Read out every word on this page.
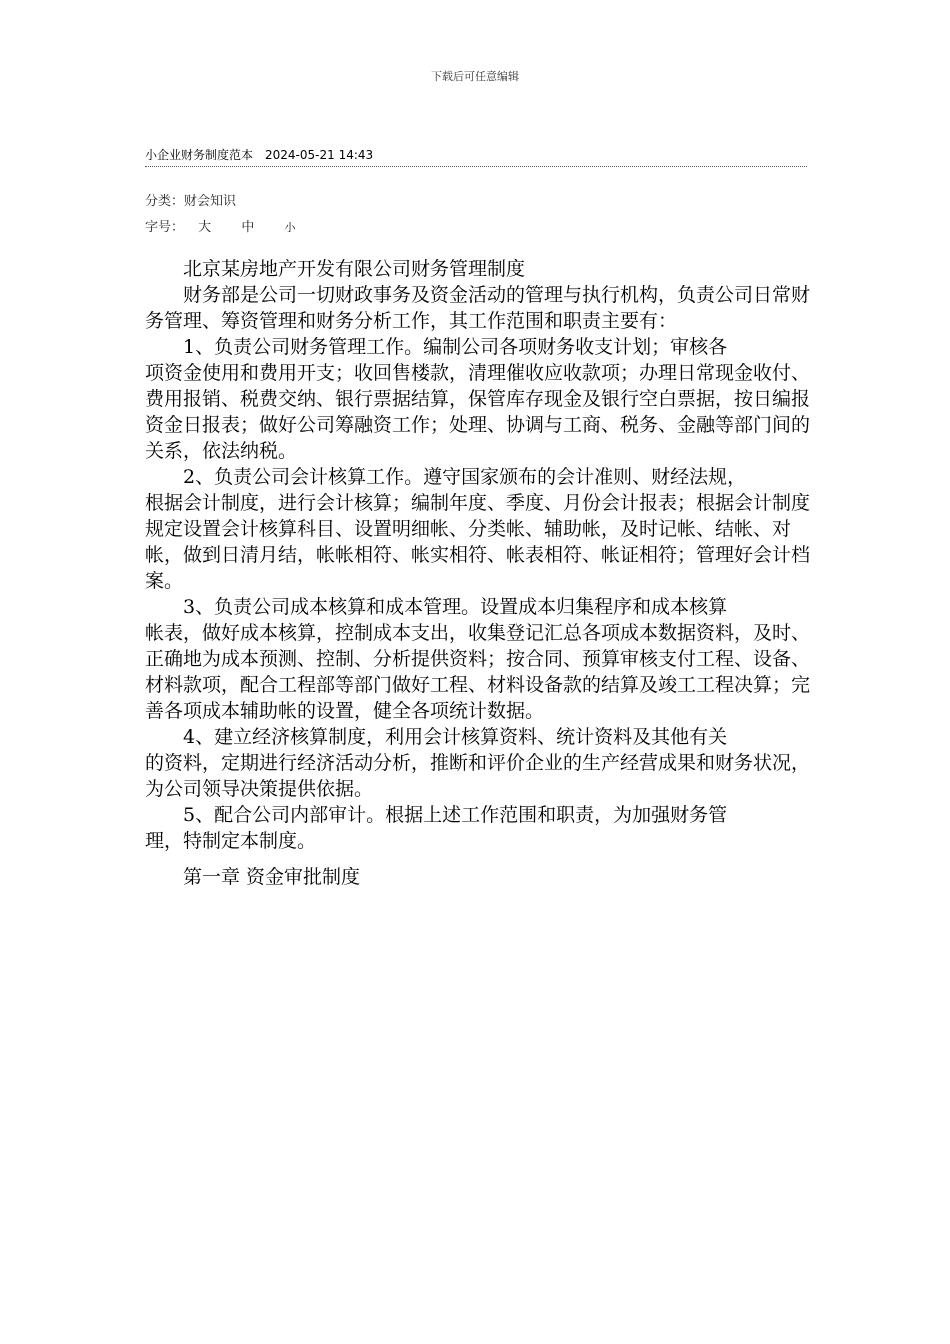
下载后可任意编辑
小企业财务制度范本 2024-05-21 14:43
分类：财会知识
字号： 大 中	小

北京某房地产开发有限公司财务管理制度

财务部是公司一切财政事务及资金活动的管理与执行机构，负责公司日常财务管理、筹资管理和财务分析工作，其工作范围和职责主要有：

1、负责公司财务管理工作。编制公司各项财务收支计划；审核各

项资金使用和费用开支；收回售楼款，清理催收应收款项；办理日常现金收付、费用报销、税费交纳、银行票据结算，保管库存现金及银行空白票据，按日编报资金日报表；做好公司筹融资工作；处理、协调与工商、税务、金融等部门间的关系，依法纳税。

2、负责公司会计核算工作。遵守国家颁布的会计准则、财经法规，

根据会计制度，进行会计核算；编制年度、季度、月份会计报表；根据会计制度规定设置会计核算科目、设置明细帐、分类帐、辅助帐，及时记帐、结帐、对帐，做到日清月结，帐帐相符、帐实相符、帐表相符、帐证相符；管理好会计档案。

3、负责公司成本核算和成本管理。设置成本归集程序和成本核算

帐表，做好成本核算，控制成本支出，收集登记汇总各项成本数据资料，及时、正确地为成本预测、控制、分析提供资料；按合同、预算审核支付工程、设备、材料款项，配合工程部等部门做好工程、材料设备款的结算及竣工工程决算；完善各项成本辅助帐的设置，健全各项统计数据。

4、建立经济核算制度，利用会计核算资料、统计资料及其他有关

的资料，定期进行经济活动分析，推断和评价企业的生产经营成果和财务状况，为公司领导决策提供依据。

5、配合公司内部审计。根据上述工作范围和职责，为加强财务管

理，特制定本制度。

第一章 资金审批制度
